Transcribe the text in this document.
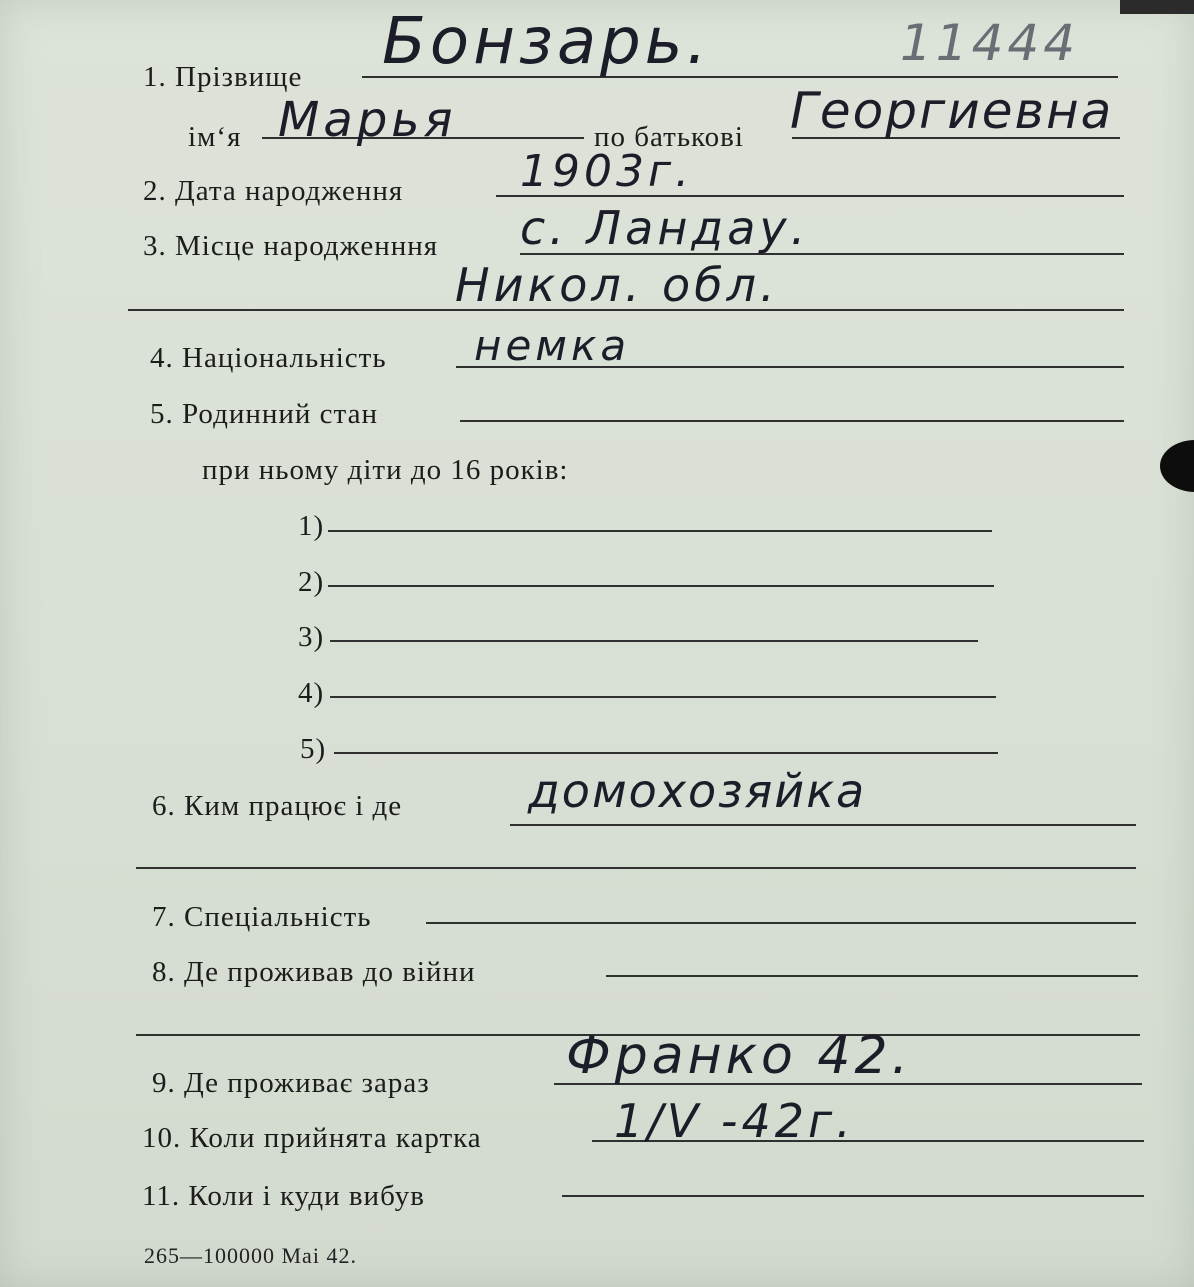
1. Прізвище Бонзарь.	11444
ім‘я Марья	по батькові Георгиевна
2. Дата народження	1903г.
3. Місце народженння с. Ландау.
Никол. обл.
4. Національність немка
5. Родинний стан
при ньому діти до 16 років:
1)
2)
3)
4)
5)
6. Ким працює і де	домохозяйка
7. Спеціальність
8. Де проживав до війни
9. Де проживає зараз	Франко 42.
10. Коли прийнята картка	1/V -42г.
11. Коли і куди вибув
265—100000 Mai 42.
